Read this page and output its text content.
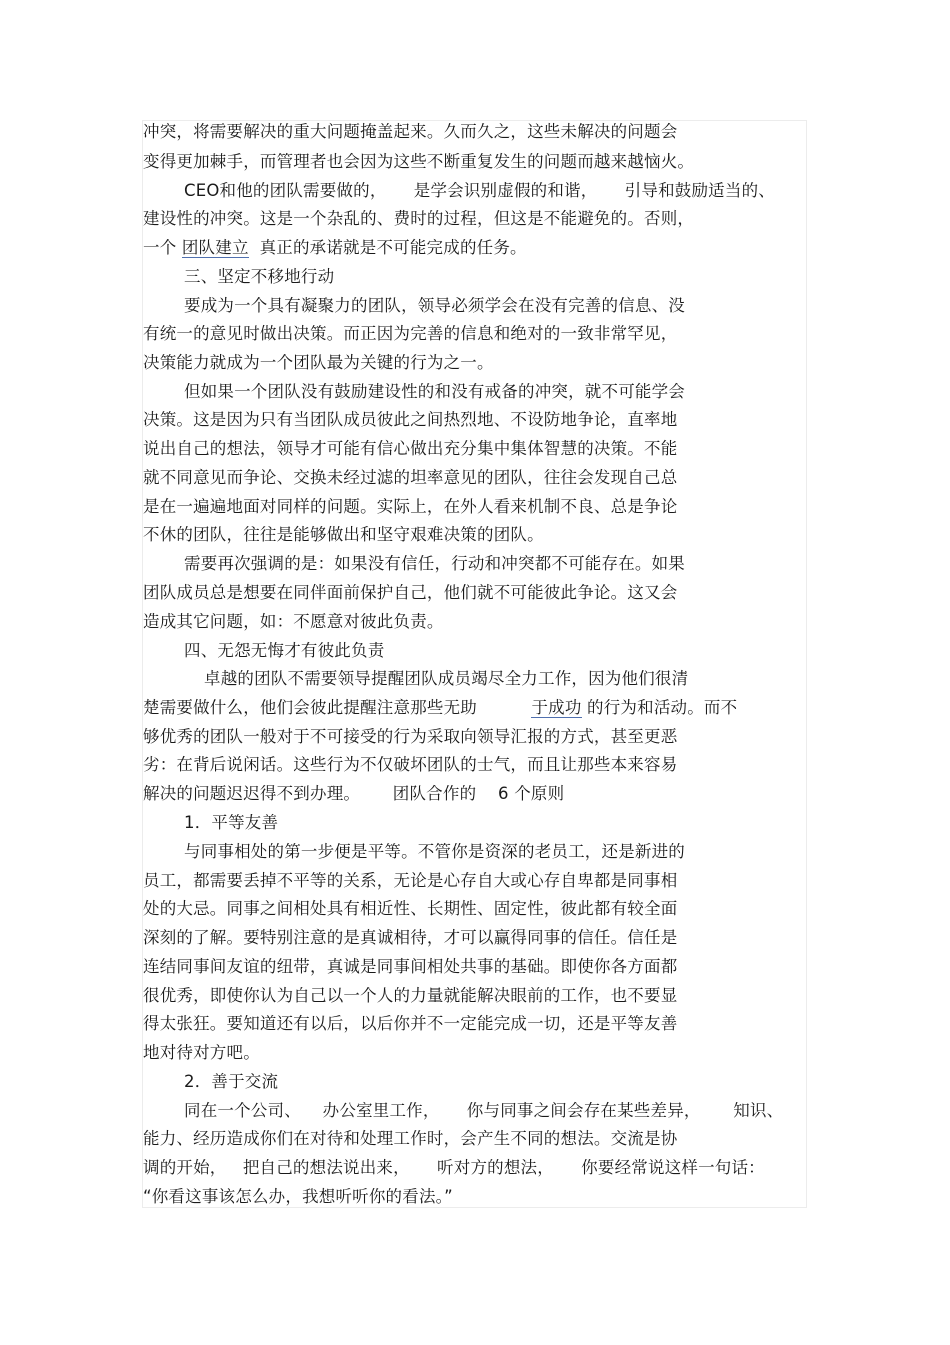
冲突，将需要解决的重大问题掩盖起来。久而久之，这些未解决的问题会
变得更加棘手，而管理者也会因为这些不断重复发生的问题而越来越恼火。
CEO和他的团队需要做的，     是学会识别虚假的和谐，     引导和鼓励适当的、
建设性的冲突。这是一个杂乱的、费时的过程，但这是不能避免的。否则，
一个 团队建立 真正的承诺就是不可能完成的任务。
三、坚定不移地行动
要成为一个具有凝聚力的团队，领导必须学会在没有完善的信息、没
有统一的意见时做出决策。而正因为完善的信息和绝对的一致非常罕见，
决策能力就成为一个团队最为关键的行为之一。
但如果一个团队没有鼓励建设性的和没有戒备的冲突，就不可能学会
决策。这是因为只有当团队成员彼此之间热烈地、不设防地争论，直率地
说出自己的想法，领导才可能有信心做出充分集中集体智慧的决策。不能
就不同意见而争论、交换未经过滤的坦率意见的团队，往往会发现自己总
是在一遍遍地面对同样的问题。实际上，在外人看来机制不良、总是争论
不休的团队，往往是能够做出和坚守艰难决策的团队。
需要再次强调的是：如果没有信任，行动和冲突都不可能存在。如果
团队成员总是想要在同伴面前保护自己，他们就不可能彼此争论。这又会
造成其它问题，如：不愿意对彼此负责。
四、无怨无悔才有彼此负责
卓越的团队不需要领导提醒团队成员竭尽全力工作，因为他们很清
楚需要做什么，他们会彼此提醒注意那些无助	于成功 的行为和活动。而不
够优秀的团队一般对于不可接受的行为采取向领导汇报的方式，甚至更恶
劣：在背后说闲话。这些行为不仅破坏团队的士气，而且让那些本来容易
解决的问题迟迟得不到办理。      团队合作的    6 个原则
1．平等友善
与同事相处的第一步便是平等。不管你是资深的老员工，还是新进的
员工，都需要丢掉不平等的关系，无论是心存自大或心存自卑都是同事相
处的大忌。同事之间相处具有相近性、长期性、固定性，彼此都有较全面
深刻的了解。要特别注意的是真诚相待，才可以赢得同事的信任。信任是
连结同事间友谊的纽带，真诚是同事间相处共事的基础。即使你各方面都
很优秀，即使你认为自己以一个人的力量就能解决眼前的工作，也不要显
得太张狂。要知道还有以后，以后你并不一定能完成一切，还是平等友善
地对待对方吧。
2．善于交流
同在一个公司、    办公室里工作，     你与同事之间会存在某些差异，      知识、
能力、经历造成你们在对待和处理工作时，会产生不同的想法。交流是协
调的开始，   把自己的想法说出来，     听对方的想法，     你要经常说这样一句话：
“你看这事该怎么办，我想听听你的看法。”
